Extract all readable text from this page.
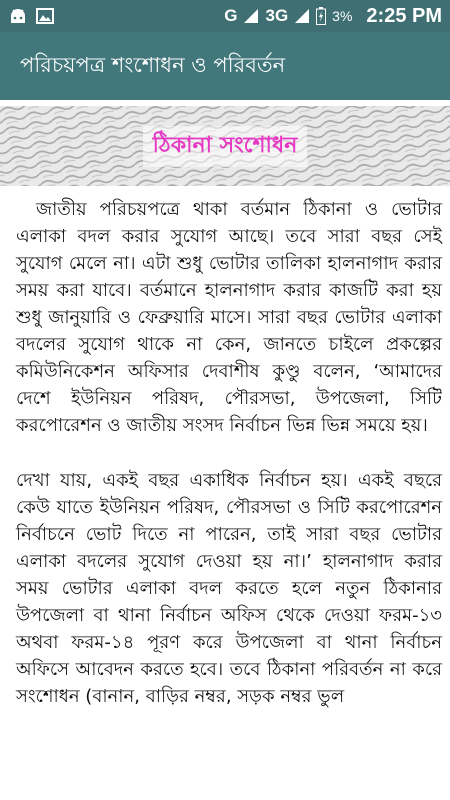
G 3G	3% 2:25 PM
পরিচয়পত্র শংশোধন ও পরিবর্তন
ঠিকানা সংশোধন

জাতীয় পরিচয়পত্রে থাকা বর্তমান ঠিকানা ও ভোটার এলাকা বদল করার সুযোগ আছে। তবে সারা বছর সেই সুযোগ মেলে না। এটা শুধু ভোটার তালিকা হালনাগাদ করার সময় করা যাবে। বর্তমানে হালনাগাদ করার কাজটি করা হয় শুধু জানুয়ারি ও ফেব্রুয়ারি মাসে। সারা বছর ভোটার এলাকা বদলের সুযোগ থাকে না কেন, জানতে চাইলে প্রকল্পের কমিউনিকেশন অফিসার দেবাশীষ কুণ্ডু বলেন, ‘আমাদের দেশে ইউনিয়ন পরিষদ, পৌরসভা, উপজেলা, সিটি করপোরেশন ও জাতীয় সংসদ নির্বাচন ভিন্ন ভিন্ন সময়ে হয়।

দেখা যায়, একই বছর একাধিক নির্বাচন হয়। একই বছরে কেউ যাতে ইউনিয়ন পরিষদ, পৌরসভা ও সিটি করপোরেশন নির্বাচনে ভোট দিতে না পারেন, তাই সারা বছর ভোটার এলাকা বদলের সুযোগ দেওয়া হয় না।’ হালনাগাদ করার সময় ভোটার এলাকা বদল করতে হলে নতুন ঠিকানার উপজেলা বা থানা নির্বাচন অফিস থেকে দেওয়া ফরম-১৩ অথবা ফরম-১৪ পূরণ করে উপজেলা বা থানা নির্বাচন অফিসে আবেদন করতে হবে। তবে ঠিকানা পরিবর্তন না করে সংশোধন (বানান, বাড়ির নম্বর, সড়ক নম্বর ভুল
